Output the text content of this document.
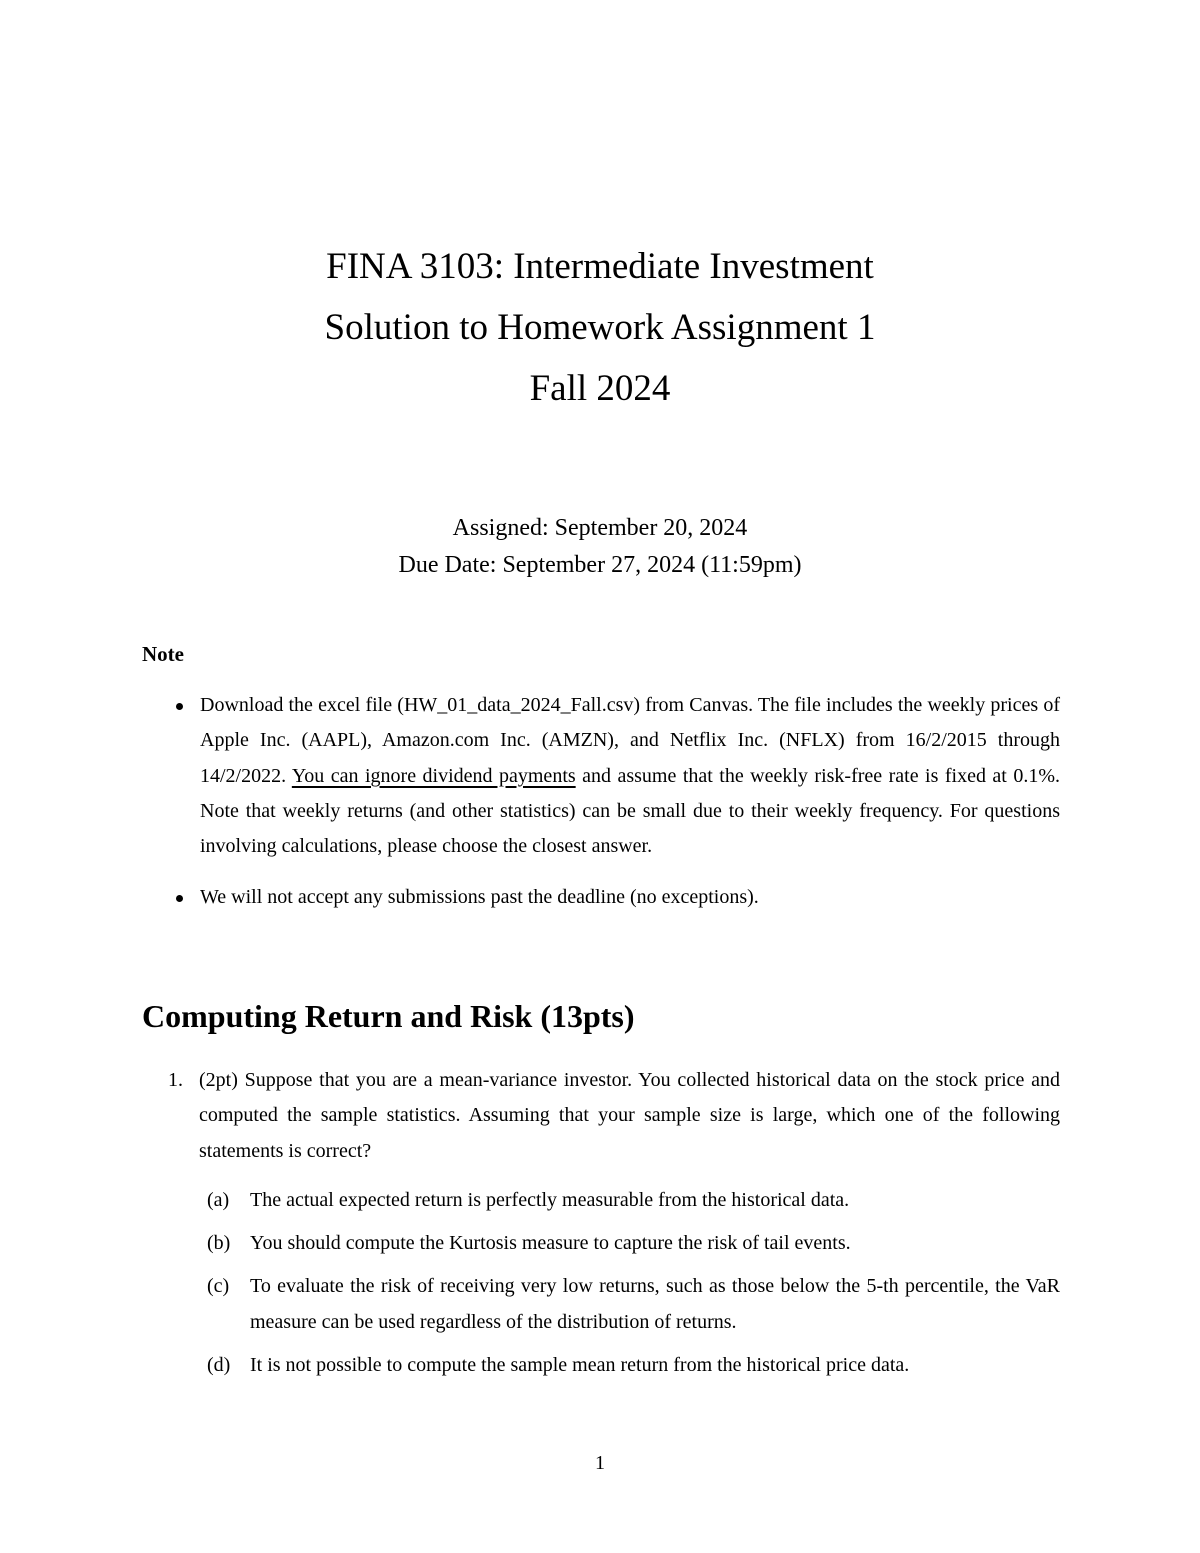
FINA 3103: Intermediate Investment
Solution to Homework Assignment 1
Fall 2024
Assigned: September 20, 2024
Due Date: September 27, 2024 (11:59pm)
Note
Download the excel file (HW_01_data_2024_Fall.csv) from Canvas. The file includes the weekly prices of Apple Inc. (AAPL), Amazon.com Inc. (AMZN), and Netflix Inc. (NFLX) from 16/2/2015 through 14/2/2022. You can ignore dividend payments and assume that the weekly risk-free rate is fixed at 0.1%. Note that weekly returns (and other statistics) can be small due to their weekly frequency. For questions involving calculations, please choose the closest answer.
We will not accept any submissions past the deadline (no exceptions).
Computing Return and Risk (13pts)
1. (2pt) Suppose that you are a mean-variance investor. You collected historical data on the stock price and computed the sample statistics. Assuming that your sample size is large, which one of the following statements is correct?
(a) The actual expected return is perfectly measurable from the historical data.
(b) You should compute the Kurtosis measure to capture the risk of tail events.
(c) To evaluate the risk of receiving very low returns, such as those below the 5-th percentile, the VaR measure can be used regardless of the distribution of returns.
(d) It is not possible to compute the sample mean return from the historical price data.
1
